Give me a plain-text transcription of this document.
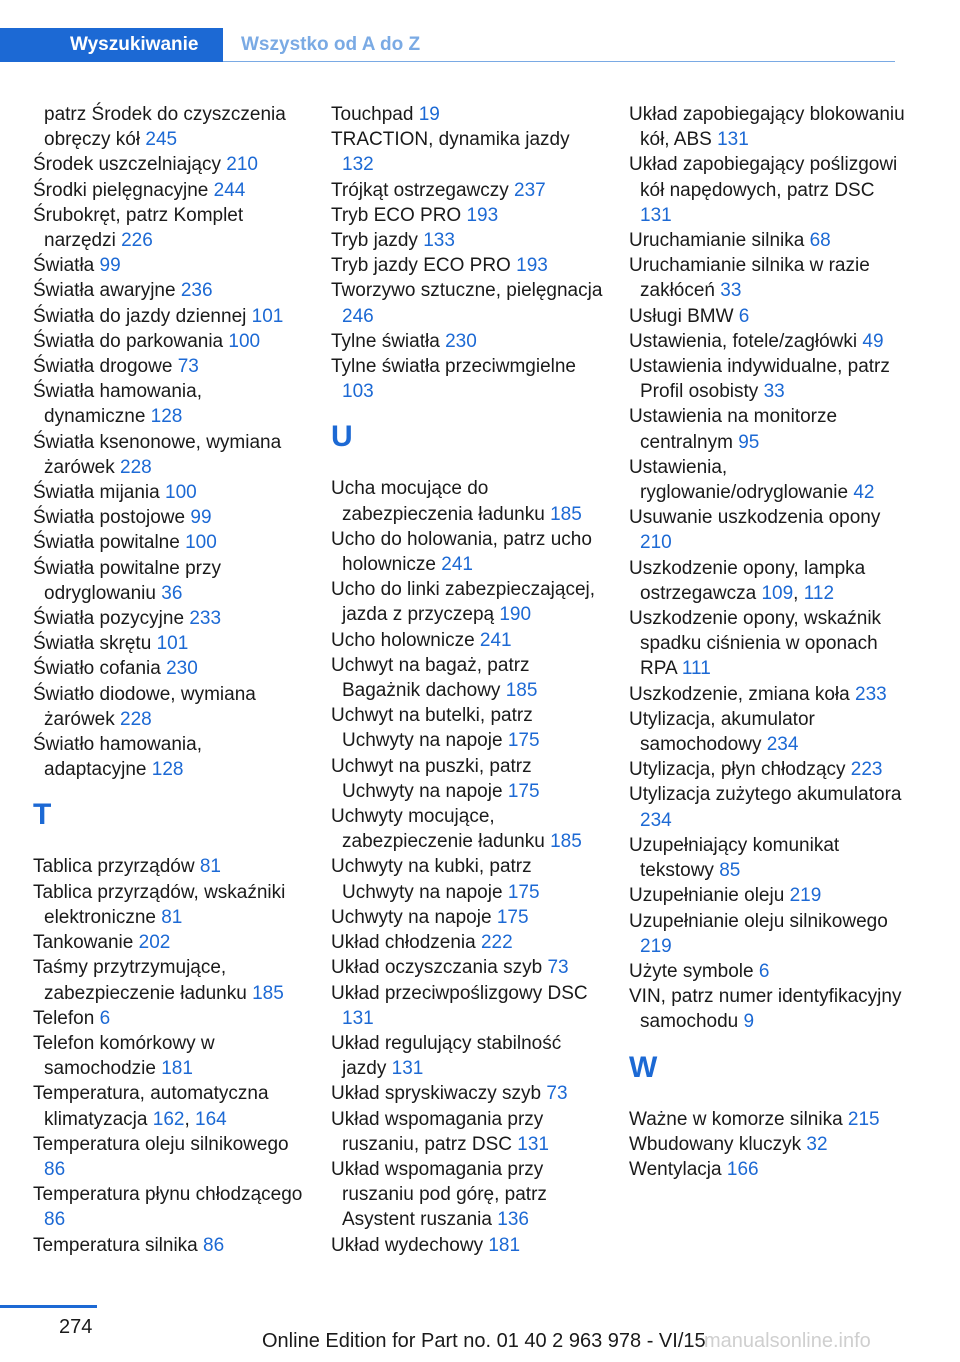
Wyszukiwanie	Wszystko od A do Z
patrz Środek do czyszczenia obręczy kół 245
Środek uszczelniający 210
Środki pielęgnacyjne 244
Śrubokręt, patrz Komplet narzędzi 226
Światła 99
Światła awaryjne 236
Światła do jazdy dziennej 101
Światła do parkowania 100
Światła drogowe 73
Światła hamowania, dynamiczne 128
Światła ksenonowe, wymiana żarówek 228
Światła mijania 100
Światła postojowe 99
Światła powitalne 100
Światła powitalne przy odryglowaniu 36
Światła pozycyjne 233
Światła skrętu 101
Światło cofania 230
Światło diodowe, wymiana żarówek 228
Światło hamowania, adaptacyjne 128
T
Tablica przyrządów 81
Tablica przyrządów, wskaźniki elektroniczne 81
Tankowanie 202
Taśmy przytrzymujące, zabezpieczenie ładunku 185
Telefon 6
Telefon komórkowy w samochodzie 181
Temperatura, automatyczna klimatyzacja 162, 164
Temperatura oleju silnikowego 86
Temperatura płynu chłodzącego 86
Temperatura silnika 86
Touchpad 19
TRACTION, dynamika jazdy 132
Trójkąt ostrzegawczy 237
Tryb ECO PRO 193
Tryb jazdy 133
Tryb jazdy ECO PRO 193
Tworzywo sztuczne, pielęgnacja 246
Tylne światła 230
Tylne światła przeciwmgielne 103
U
Ucha mocujące do zabezpieczenia ładunku 185
Ucho do holowania, patrz ucho holownicze 241
Ucho do linki zabezpieczającej, jazda z przyczepą 190
Ucho holownicze 241
Uchwyt na bagaż, patrz Bagażnik dachowy 185
Uchwyt na butelki, patrz Uchwyty na napoje 175
Uchwyt na puszki, patrz Uchwyty na napoje 175
Uchwyty mocujące, zabezpieczenie ładunku 185
Uchwyty na kubki, patrz Uchwyty na napoje 175
Uchwyty na napoje 175
Układ chłodzenia 222
Układ oczyszczania szyb 73
Układ przeciwpoślizgowy DSC 131
Układ regulujący stabilność jazdy 131
Układ spryskiwaczy szyb 73
Układ wspomagania przy ruszaniu, patrz DSC 131
Układ wspomagania przy ruszaniu pod górę, patrz Asystent ruszania 136
Układ wydechowy 181
Układ zapobiegający blokowaniu kół, ABS 131
Układ zapobiegający poślizgowi kół napędowych, patrz DSC 131
Uruchamianie silnika 68
Uruchamianie silnika w razie zakłóceń 33
Usługi BMW 6
Ustawienia, fotele/zagłówki 49
Ustawienia indywidualne, patrz Profil osobisty 33
Ustawienia na monitorze centralnym 95
Ustawienia, ryglowanie/odryglowanie 42
Usuwanie uszkodzenia opony 210
Uszkodzenie opony, lampka ostrzegawcza 109, 112
Uszkodzenie opony, wskaźnik spadku ciśnienia w oponach RPA 111
Uszkodzenie, zmiana koła 233
Utylizacja, akumulator samochodowy 234
Utylizacja, płyn chłodzący 223
Utylizacja zużytego akumulatora 234
Uzupełniający komunikat tekstowy 85
Uzupełnianie oleju 219
Uzupełnianie oleju silnikowego 219
Użyte symbole 6
VIN, patrz numer identyfikacyjny samochodu 9
W
Ważne w komorze silnika 215
Wbudowany kluczyk 32
Wentylacja 166
274
Online Edition for Part no. 01 40 2 963 978 - VI/15
manualsonline.info
